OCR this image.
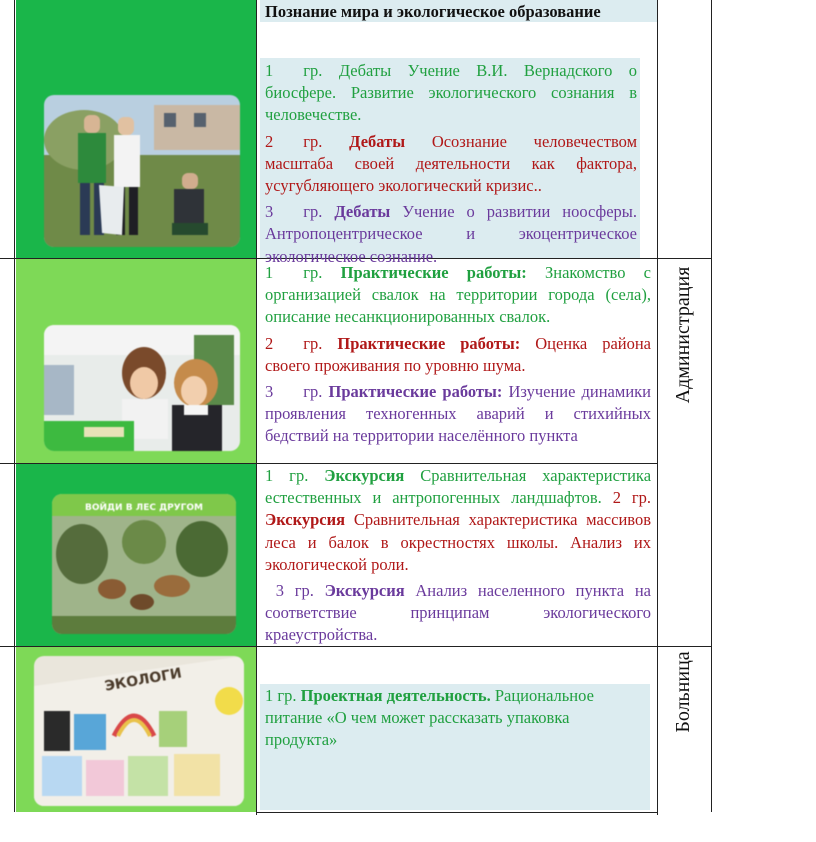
ВОЙДИ В ЛЕС ДРУГОМ
ЭКОЛОГИ
Познание мира и экологическое образование
1 гр. Дебаты Учение В.И. Вернадского о биосфере. Развитие экологического сознания в человечестве.
2 гр. Дебаты Осознание человечеством масштаба своей деятельности как фактора, усугубляющего экологический кризис..
3 гр. Дебаты Учение о развитии ноосферы. Антропоцентрическое и экоцентрическое экологическое сознание.
1 гр. Практические работы: Знакомство с организацией свалок на территории города (села), описание несанкционированных свалок.
2 гр. Практические работы: Оценка района своего проживания по уровню шума.
3 гр. Практические работы: Изучение динамики проявления техногенных аварий и стихийных бедствий на территории населённого пункта
1 гр. Экскурсия Сравнительная характеристика естественных и антропогенных ландшафтов. 2 гр. Экскурсия Сравнительная характеристика массивов леса и балок в окрестностях школы. Анализ их экологической роли.
3 гр. Экскурсия Анализ населенного пункта на соответствие принципам экологического краеустройства.
1 гр. Проектная деятельность. Рациональное питание «О чем может рассказать упаковка продукта»
Администрация
Больница
